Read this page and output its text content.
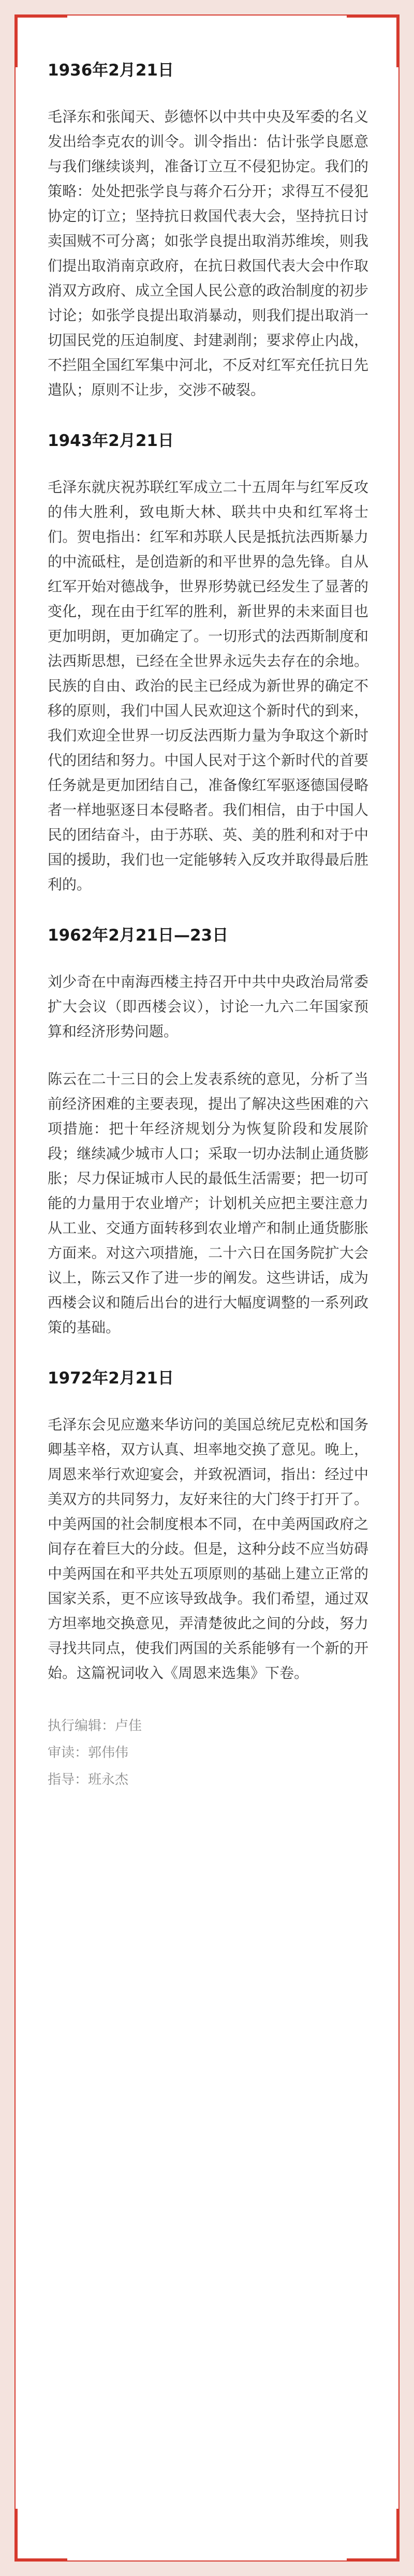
1936年2月21日

毛泽东和张闻天、彭德怀以中共中央及军委的名义发出给李克农的训令。训令指出：估计张学良愿意与我们继续谈判，准备订立互不侵犯协定。我们的策略：处处把张学良与蒋介石分开；求得互不侵犯协定的订立；坚持抗日救国代表大会，坚持抗日讨卖国贼不可分离；如张学良提出取消苏维埃，则我们提出取消南京政府，在抗日救国代表大会中作取消双方政府、成立全国人民公意的政治制度的初步讨论；如张学良提出取消暴动，则我们提出取消一切国民党的压迫制度、封建剥削；要求停止内战，不拦阻全国红军集中河北，不反对红军充任抗日先遣队；原则不让步，交涉不破裂。

1943年2月21日

毛泽东就庆祝苏联红军成立二十五周年与红军反攻的伟大胜利，致电斯大林、联共中央和红军将士们。贺电指出：红军和苏联人民是抵抗法西斯暴力的中流砥柱，是创造新的和平世界的急先锋。自从红军开始对德战争，世界形势就已经发生了显著的变化，现在由于红军的胜利，新世界的未来面目也更加明朗，更加确定了。一切形式的法西斯制度和法西斯思想，已经在全世界永远失去存在的余地。民族的自由、政治的民主已经成为新世界的确定不移的原则，我们中国人民欢迎这个新时代的到来，我们欢迎全世界一切反法西斯力量为争取这个新时代的团结和努力。中国人民对于这个新时代的首要任务就是更加团结自己，准备像红军驱逐德国侵略者一样地驱逐日本侵略者。我们相信，由于中国人民的团结奋斗，由于苏联、英、美的胜利和对于中国的援助，我们也一定能够转入反攻并取得最后胜利的。

1962年2月21日—23日

刘少奇在中南海西楼主持召开中共中央政治局常委扩大会议（即西楼会议），讨论一九六二年国家预算和经济形势问题。

陈云在二十三日的会上发表系统的意见，分析了当前经济困难的主要表现，提出了解决这些困难的六项措施：把十年经济规划分为恢复阶段和发展阶段；继续减少城市人口；采取一切办法制止通货膨胀；尽力保证城市人民的最低生活需要；把一切可能的力量用于农业增产；计划机关应把主要注意力从工业、交通方面转移到农业增产和制止通货膨胀方面来。对这六项措施，二十六日在国务院扩大会议上，陈云又作了进一步的阐发。这些讲话，成为西楼会议和随后出台的进行大幅度调整的一系列政策的基础。

1972年2月21日

毛泽东会见应邀来华访问的美国总统尼克松和国务卿基辛格，双方认真、坦率地交换了意见。晚上，周恩来举行欢迎宴会，并致祝酒词，指出：经过中美双方的共同努力，友好来往的大门终于打开了。中美两国的社会制度根本不同，在中美两国政府之间存在着巨大的分歧。但是，这种分歧不应当妨碍中美两国在和平共处五项原则的基础上建立正常的国家关系，更不应该导致战争。我们希望，通过双方坦率地交换意见，弄清楚彼此之间的分歧，努力寻找共同点，使我们两国的关系能够有一个新的开始。这篇祝词收入《周恩来选集》下卷。

执行编辑：卢佳
审读：郭伟伟
指导：班永杰
